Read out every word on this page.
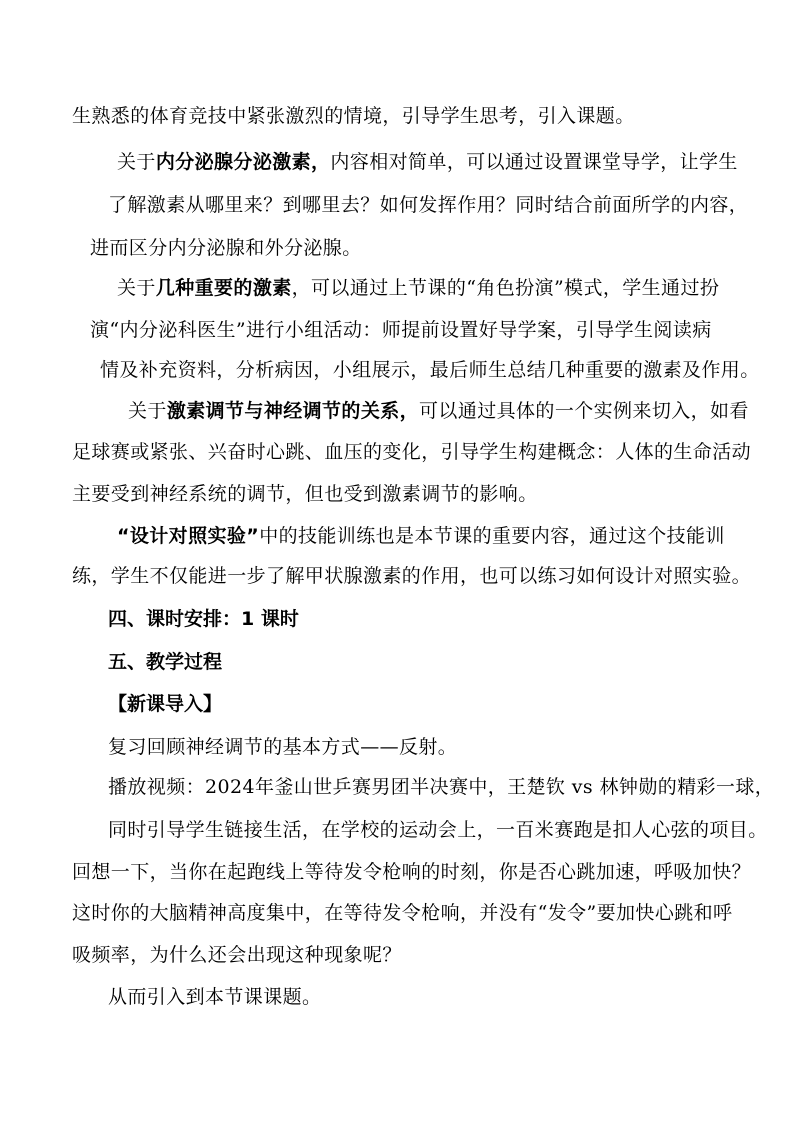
生熟悉的体育竞技中紧张激烈的情境，引导学生思考，引入课题。
关于内分泌腺分泌激素，内容相对简单，可以通过设置课堂导学，让学生
了解激素从哪里来？到哪里去？如何发挥作用？同时结合前面所学的内容，
进而区分内分泌腺和外分泌腺。
关于几种重要的激素，可以通过上节课的“角色扮演”模式，学生通过扮
演“内分泌科医生”进行小组活动：师提前设置好导学案，引导学生阅读病
情及补充资料，分析病因，小组展示，最后师生总结几种重要的激素及作用。
关于激素调节与神经调节的关系，可以通过具体的一个实例来切入，如看
足球赛或紧张、兴奋时心跳、血压的变化，引导学生构建概念：人体的生命活动
主要受到神经系统的调节，但也受到激素调节的影响。
“设计对照实验”中的技能训练也是本节课的重要内容，通过这个技能训
练，学生不仅能进一步了解甲状腺激素的作用，也可以练习如何设计对照实验。
四、课时安排：1 课时
五、教学过程
【新课导入】
复习回顾神经调节的基本方式——反射。
播放视频：2024年釜山世乒赛男团半决赛中，王楚钦 vs 林钟勋的精彩一球，
同时引导学生链接生活，在学校的运动会上，一百米赛跑是扣人心弦的项目。
回想一下，当你在起跑线上等待发令枪响的时刻，你是否心跳加速，呼吸加快？
这时你的大脑精神高度集中，在等待发令枪响，并没有“发令”要加快心跳和呼
吸频率，为什么还会出现这种现象呢？
从而引入到本节课课题。
